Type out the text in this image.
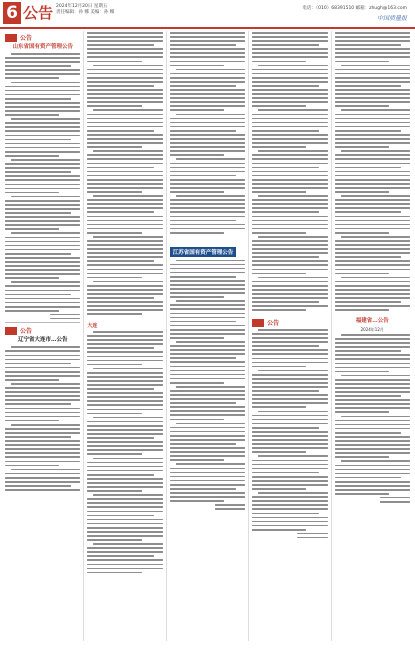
6 公告 2024年12月20日 星期五
责任编辑：孙 娜 美编：孙 娜
电话：（010）68391510 邮箱：zhugh@163.com
中国质量报
公告
山东省国有资产管理公告
公告
辽宁省大连市…公告
大连
江苏省国有资产管理公告
公告	福建省…公告
2024年12月
